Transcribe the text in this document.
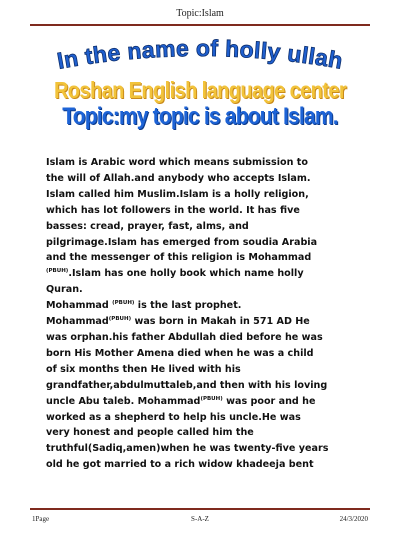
Topic:Islam
In the name of holly ullah
Roshan English language center
Topic:my topic is about Islam.
Islam is Arabic word which means submission to
the will of Allah.and anybody who accepts Islam.
Islam called him Muslim.Islam is a holly religion,
which has lot followers in the world. It has five
basses: cread, prayer, fast, alms, and
pilgrimage.Islam has emerged from soudia Arabia
and the messenger of this religion is Mohammad
$^{(PBUH)}$.Islam has one holly book which name holly
Quran.
Mohammad $^{(PBUH)}$ is the last prophet.
Mohammad$^{(PBUH)}$ was born in Makah in 571 AD He
was orphan.his father Abdullah died before he was
born His Mother Amena died when he was a child
of six months then He lived with his
grandfather,abdulmuttaleb,and then with his loving
uncle Abu taleb. Mohammad$^{(PBUH)}$ was poor and he
worked as a shepherd to help his uncle.He was
very honest and people called him the
truthful(Sadiq,amen)when he was twenty-five years
old he got married to a rich widow khadeeja bent
1Page	S-A-Z	24/3/2020
